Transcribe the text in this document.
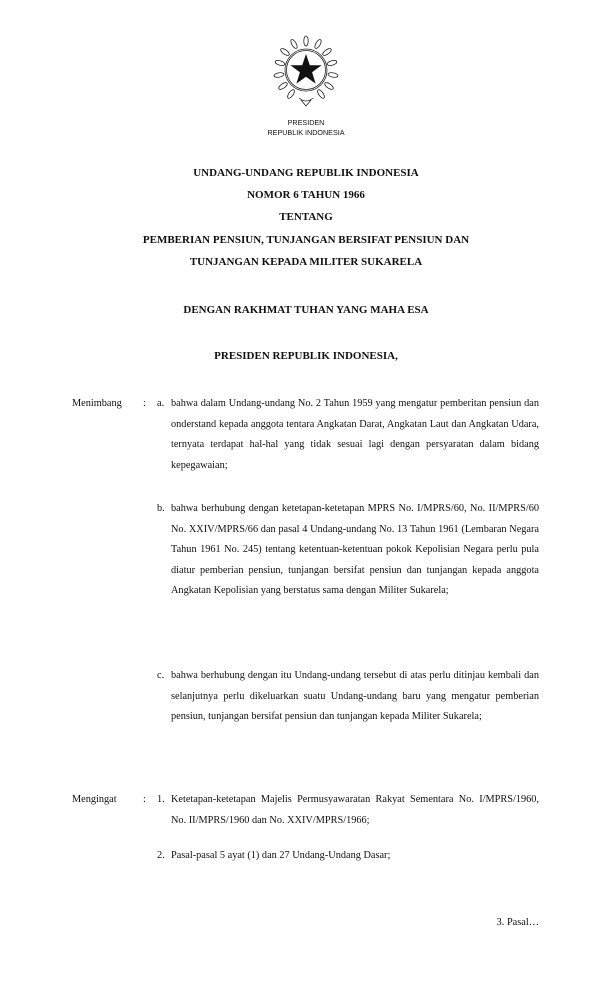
PRESIDEN
REPUBLIK INDONESIA
UNDANG-UNDANG REPUBLIK INDONESIA
NOMOR 6 TAHUN 1966
TENTANG
PEMBERIAN PENSIUN, TUNJANGAN BERSIFAT PENSIUN DAN
TUNJANGAN KEPADA MILITER SUKARELA
DENGAN RAKHMAT TUHAN YANG MAHA ESA
PRESIDEN REPUBLIK INDONESIA,
Menimbang : a. bahwa dalam Undang-undang No. 2 Tahun 1959 yang mengatur pemberitan pensiun dan onderstand kepada anggota tentara Angkatan Darat, Angkatan Laut dan Angkatan Udara, ternyata terdapat hal-hal yang tidak sesuai lagi dengan persyaratan dalam bidang kepegawaian;
b. bahwa berhubung dengan ketetapan-ketetapan MPRS No. I/MPRS/60, No. II/MPRS/60 No. XXIV/MPRS/66 dan pasal 4 Undang-undang No. 13 Tahun 1961 (Lembaran Negara Tahun 1961 No. 245) tentang ketentuan-ketentuan pokok Kepolisian Negara perlu pula diatur pemberian pensiun, tunjangan bersifat pensiun dan tunjangan kepada anggota Angkatan Kepolisian yang berstatus sama dengan Militer Sukarela;
c. bahwa berhubung dengan itu Undang-undang tersebut di atas perlu ditinjau kembali dan selanjutnya perlu dikeluarkan suatu Undang-undang baru yang mengatur pemberian pensiun, tunjangan bersifat pensiun dan tunjangan kepada Militer Sukarela;
Mengingat	: 1. Ketetapan-ketetapan Majelis Permusyawaratan Rakyat Sementara No. I/MPRS/1960, No. II/MPRS/1960 dan No. XXIV/MPRS/1966;
2. Pasal-pasal 5 ayat (1) dan 27 Undang-Undang Dasar;
3. Pasal…
